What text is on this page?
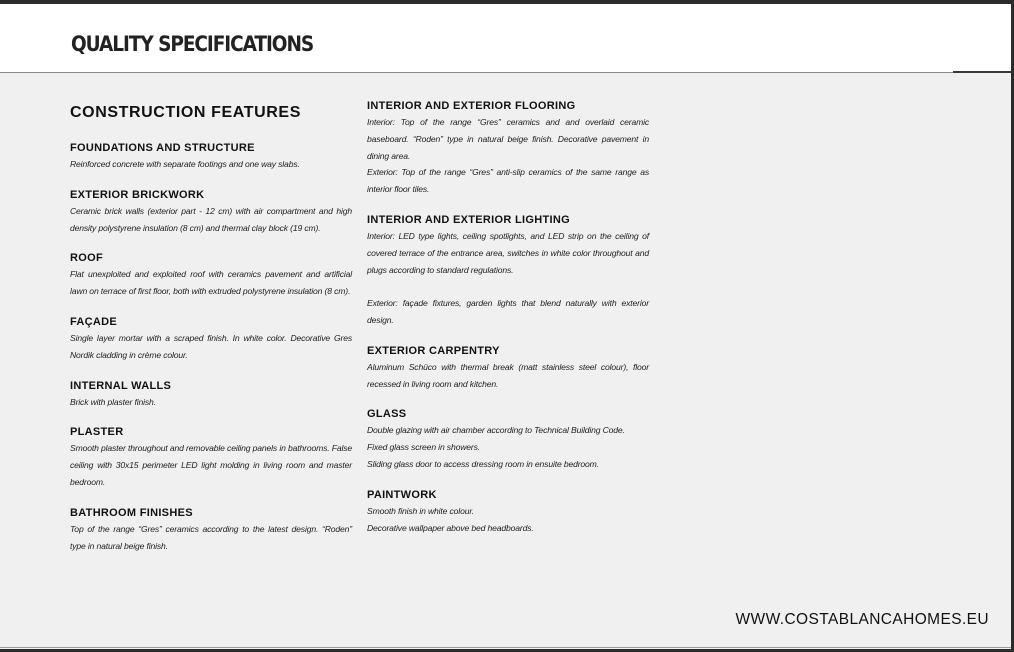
QUALITY SPECIFICATIONS
CONSTRUCTION FEATURES
FOUNDATIONS AND STRUCTURE
Reinforced concrete with separate footings and one way slabs.
EXTERIOR BRICKWORK
Ceramic brick walls (exterior part - 12 cm) with air compartment and high density polystyrene insulation (8 cm) and thermal clay block (19 cm).
ROOF
Flat unexploited and exploited roof with ceramics pavement and artificial lawn on terrace of first floor, both with extruded polystyrene insulation (8 cm).
FAÇADE
Single layer mortar with a scraped finish. In white color. Decorative Gres Nordik cladding in crème colour.
INTERNAL WALLS
Brick with plaster finish.
PLASTER
Smooth plaster throughout and removable ceiling panels in bathrooms. False ceiling with 30x15 perimeter LED light molding in living room and master bedroom.
BATHROOM FINISHES
Top of the range “Gres” ceramics according to the latest design. “Roden” type in natural beige finish.
INTERIOR AND EXTERIOR FLOORING
Interior: Top of the range “Gres” ceramics and and overlaid ceramic baseboard. “Roden” type in natural beige finish. Decorative pavement in dining area.
Exterior: Top of the range “Gres” anti-slip ceramics of the same range as interior floor tiles.
INTERIOR AND EXTERIOR LIGHTING
Interior: LED type lights, ceiling spotlights, and LED strip on the ceiling of covered terrace of the entrance area, switches in white color throughout and plugs according to standard regulations.
Exterior: façade fixtures, garden lights that blend naturally with exterior design.
EXTERIOR CARPENTRY
Aluminum Schüco with thermal break (matt stainless steel colour), floor recessed in living room and kitchen.
GLASS
Double glazing with air chamber according to Technical Building Code.
Fixed glass screen in showers.
Sliding glass door to access dressing room in ensuite bedroom.
PAINTWORK
Smooth finish in white colour.
Decorative wallpaper above bed headboards.
WWW.COSTABLANCAHOMES.EU
